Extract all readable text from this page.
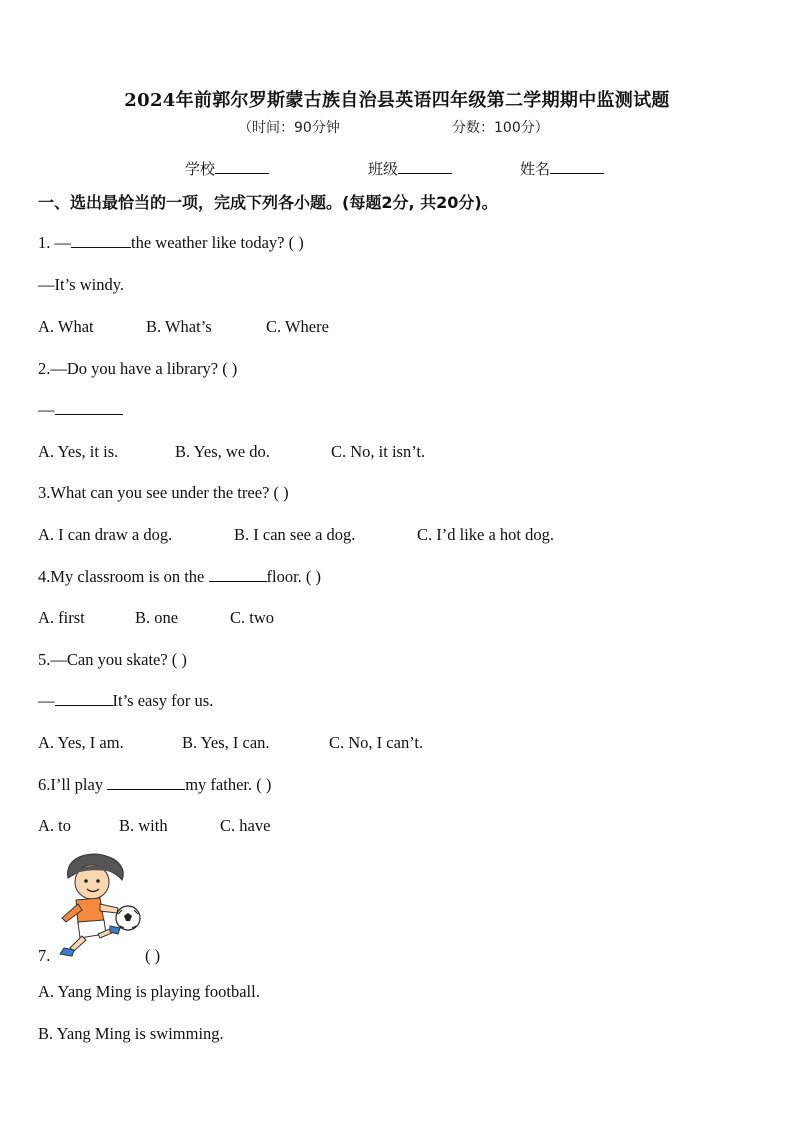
2024年前郭尔罗斯蒙古族自治县英语四年级第二学期期中监测试题
（时间：90分钟	分数：100分）
学校	班级	姓名
一、选出最恰当的一项，完成下列各小题。(每题2分, 共20分)。
1. —	the weather like today? ( )
—It’s windy.
A. What	B. What’s	C. Where
2.—Do you have a library? ( )
—
A. Yes, it is.	B. Yes, we do.	C. No, it isn’t.
3.What can you see under the tree? ( )
A. I can draw a dog.	B. I can see a dog.	C. I’d like a hot dog.
4.My classroom is on the	floor. ( )
A. first	B. one	C. two
5.—Can you skate? ( )
—	It’s easy for us.
A. Yes, I am.	B. Yes, I can.	C. No, I can’t.
6.I’ll play	my father. ( )
A. to	B. with	C. have
7.	( )
A. Yang Ming is playing football.
B. Yang Ming is swimming.
